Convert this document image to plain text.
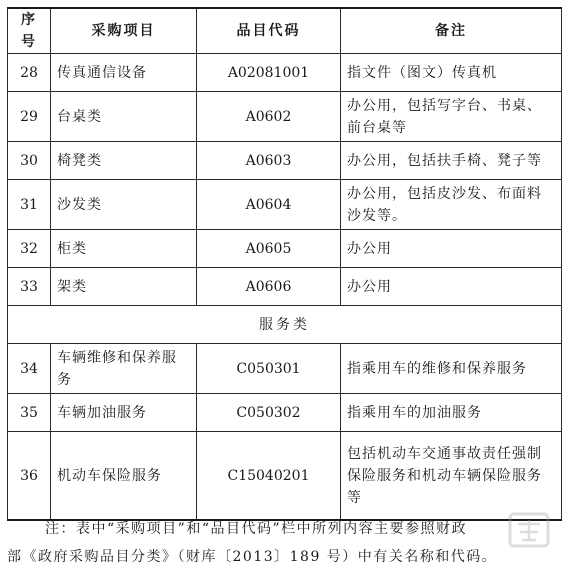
序号	采购项目	品目代码	备注
28	传真通信设备	A02081001	指文件（图文）传真机
29	台桌类	A0602	办公用，包括写字台、书桌、前台桌等
30	椅凳类	A0603	办公用，包括扶手椅、凳子等
31	沙发类	A0604	办公用，包括皮沙发、布面料沙发等。
32	柜类	A0605	办公用
33	架类	A0606	办公用
服务类			
34	车辆维修和保养服务	C050301	指乘用车的维修和保养服务
35	车辆加油服务	C050302	指乘用车的加油服务
36	机动车保险服务	C15040201	包括机动车交通事故责任强制保险服务和机动车辆保险服务等
注：表中“采购项目”和“品目代码”栏中所列内容主要参照财政
部《政府采购品目分类》（财库〔2013〕189 号）中有关名称和代码。
